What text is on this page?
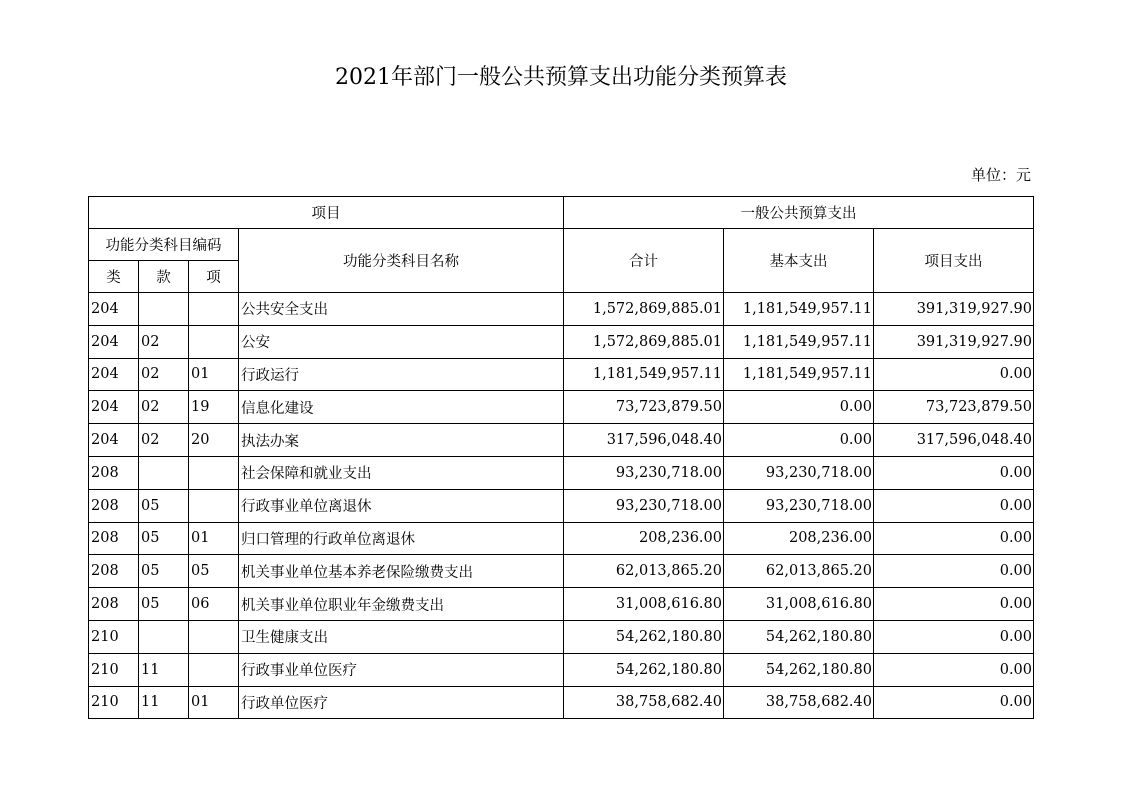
2021年部门一般公共预算支出功能分类预算表
单位：元
项目				一般公共预算支出		
功能分类科目编码			功能分类科目名称	合计	基本支出	项目支出
类	款	项				
204			公共安全支出	1,572,869,885.01	1,181,549,957.11	391,319,927.90
204	02		公安	1,572,869,885.01	1,181,549,957.11	391,319,927.90
204	02	01	行政运行	1,181,549,957.11	1,181,549,957.11	0.00
204	02	19	信息化建设	73,723,879.50	0.00	73,723,879.50
204	02	20	执法办案	317,596,048.40	0.00	317,596,048.40
208			社会保障和就业支出	93,230,718.00	93,230,718.00	0.00
208	05		行政事业单位离退休	93,230,718.00	93,230,718.00	0.00
208	05	01	归口管理的行政单位离退休	208,236.00	208,236.00	0.00
208	05	05	机关事业单位基本养老保险缴费支出	62,013,865.20	62,013,865.20	0.00
208	05	06	机关事业单位职业年金缴费支出	31,008,616.80	31,008,616.80	0.00
210			卫生健康支出	54,262,180.80	54,262,180.80	0.00
210	11		行政事业单位医疗	54,262,180.80	54,262,180.80	0.00
210	11	01	行政单位医疗	38,758,682.40	38,758,682.40	0.00
